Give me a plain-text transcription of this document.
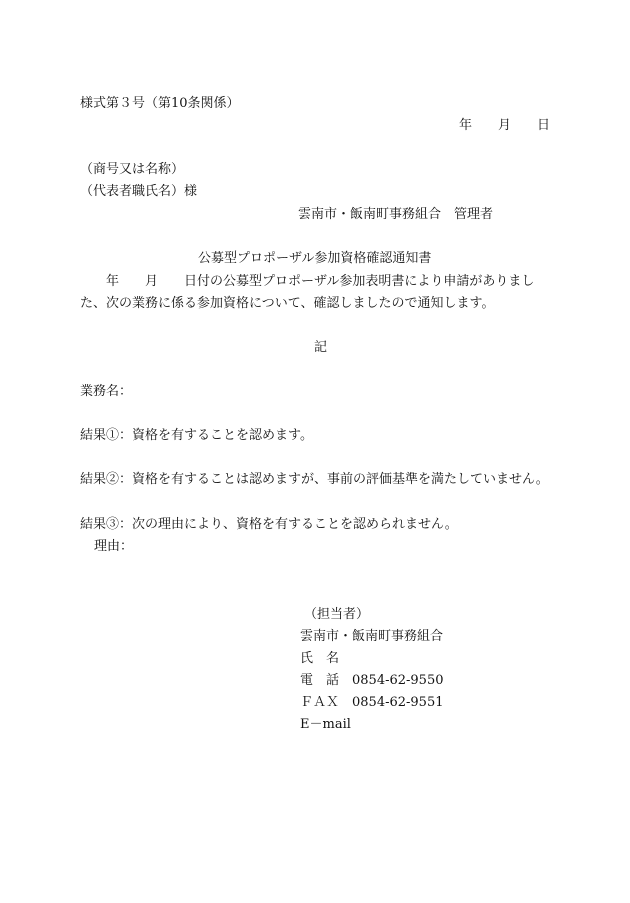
様式第３号（第10条関係）
年 月 日
（商号又は名称）
（代表者職氏名）様
雲南市・飯南町事務組合　管理者
公募型プロポーザル参加資格確認通知書
　　年　　月　　日付の公募型プロポーザル参加表明書により申請がありまし
た、次の業務に係る参加資格について、確認しましたので通知します。
記
業務名：
結果①：資格を有することを認めます。
結果②：資格を有することは認めますが、事前の評価基準を満たしていません。
結果③：次の理由により、資格を有することを認められません。
理由：
（担当者）
雲南市・飯南町事務組合
氏　名
電　話 0854-62-9550
ＦＡＸ 0854-62-9551
E－mail
